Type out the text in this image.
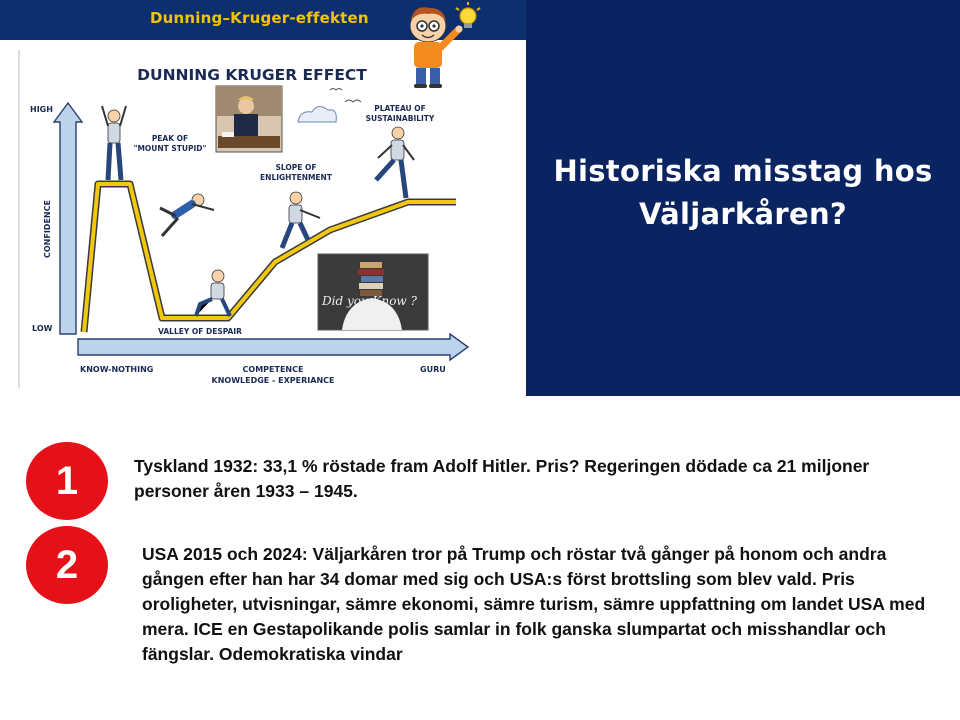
Dunning–Kruger-effekten
DUNNING KRUGER EFFECT
HIGH
LOW
CONFIDENCE
KNOW-NOTHING	COMPETENCE
KNOWLEDGE - EXPERIANCE
GURU
PEAK OF
"MOUNT STUPID"
VALLEY OF DESPAIR
SLOPE OF
ENLIGHTENMENT
PLATEAU OF
SUSTAINABILITY
Did you Know ?
Historiska misstag hos
Väljarkåren?
1	Tyskland 1932: 33,1 % röstade fram Adolf Hitler. Pris? Regeringen dödade ca 21 miljoner personer åren 1933 – 1945.
2	USA 2015 och 2024: Väljarkåren tror på Trump och röstar två gånger på honom och andra gången efter han har 34 domar med sig och USA:s först brottsling som blev vald. Pris oroligheter, utvisningar, sämre ekonomi, sämre turism, sämre uppfattning om landet USA med mera. ICE en Gestapolikande polis samlar in folk ganska slumpartat och misshandlar och fängslar. Odemokratiska vindar
